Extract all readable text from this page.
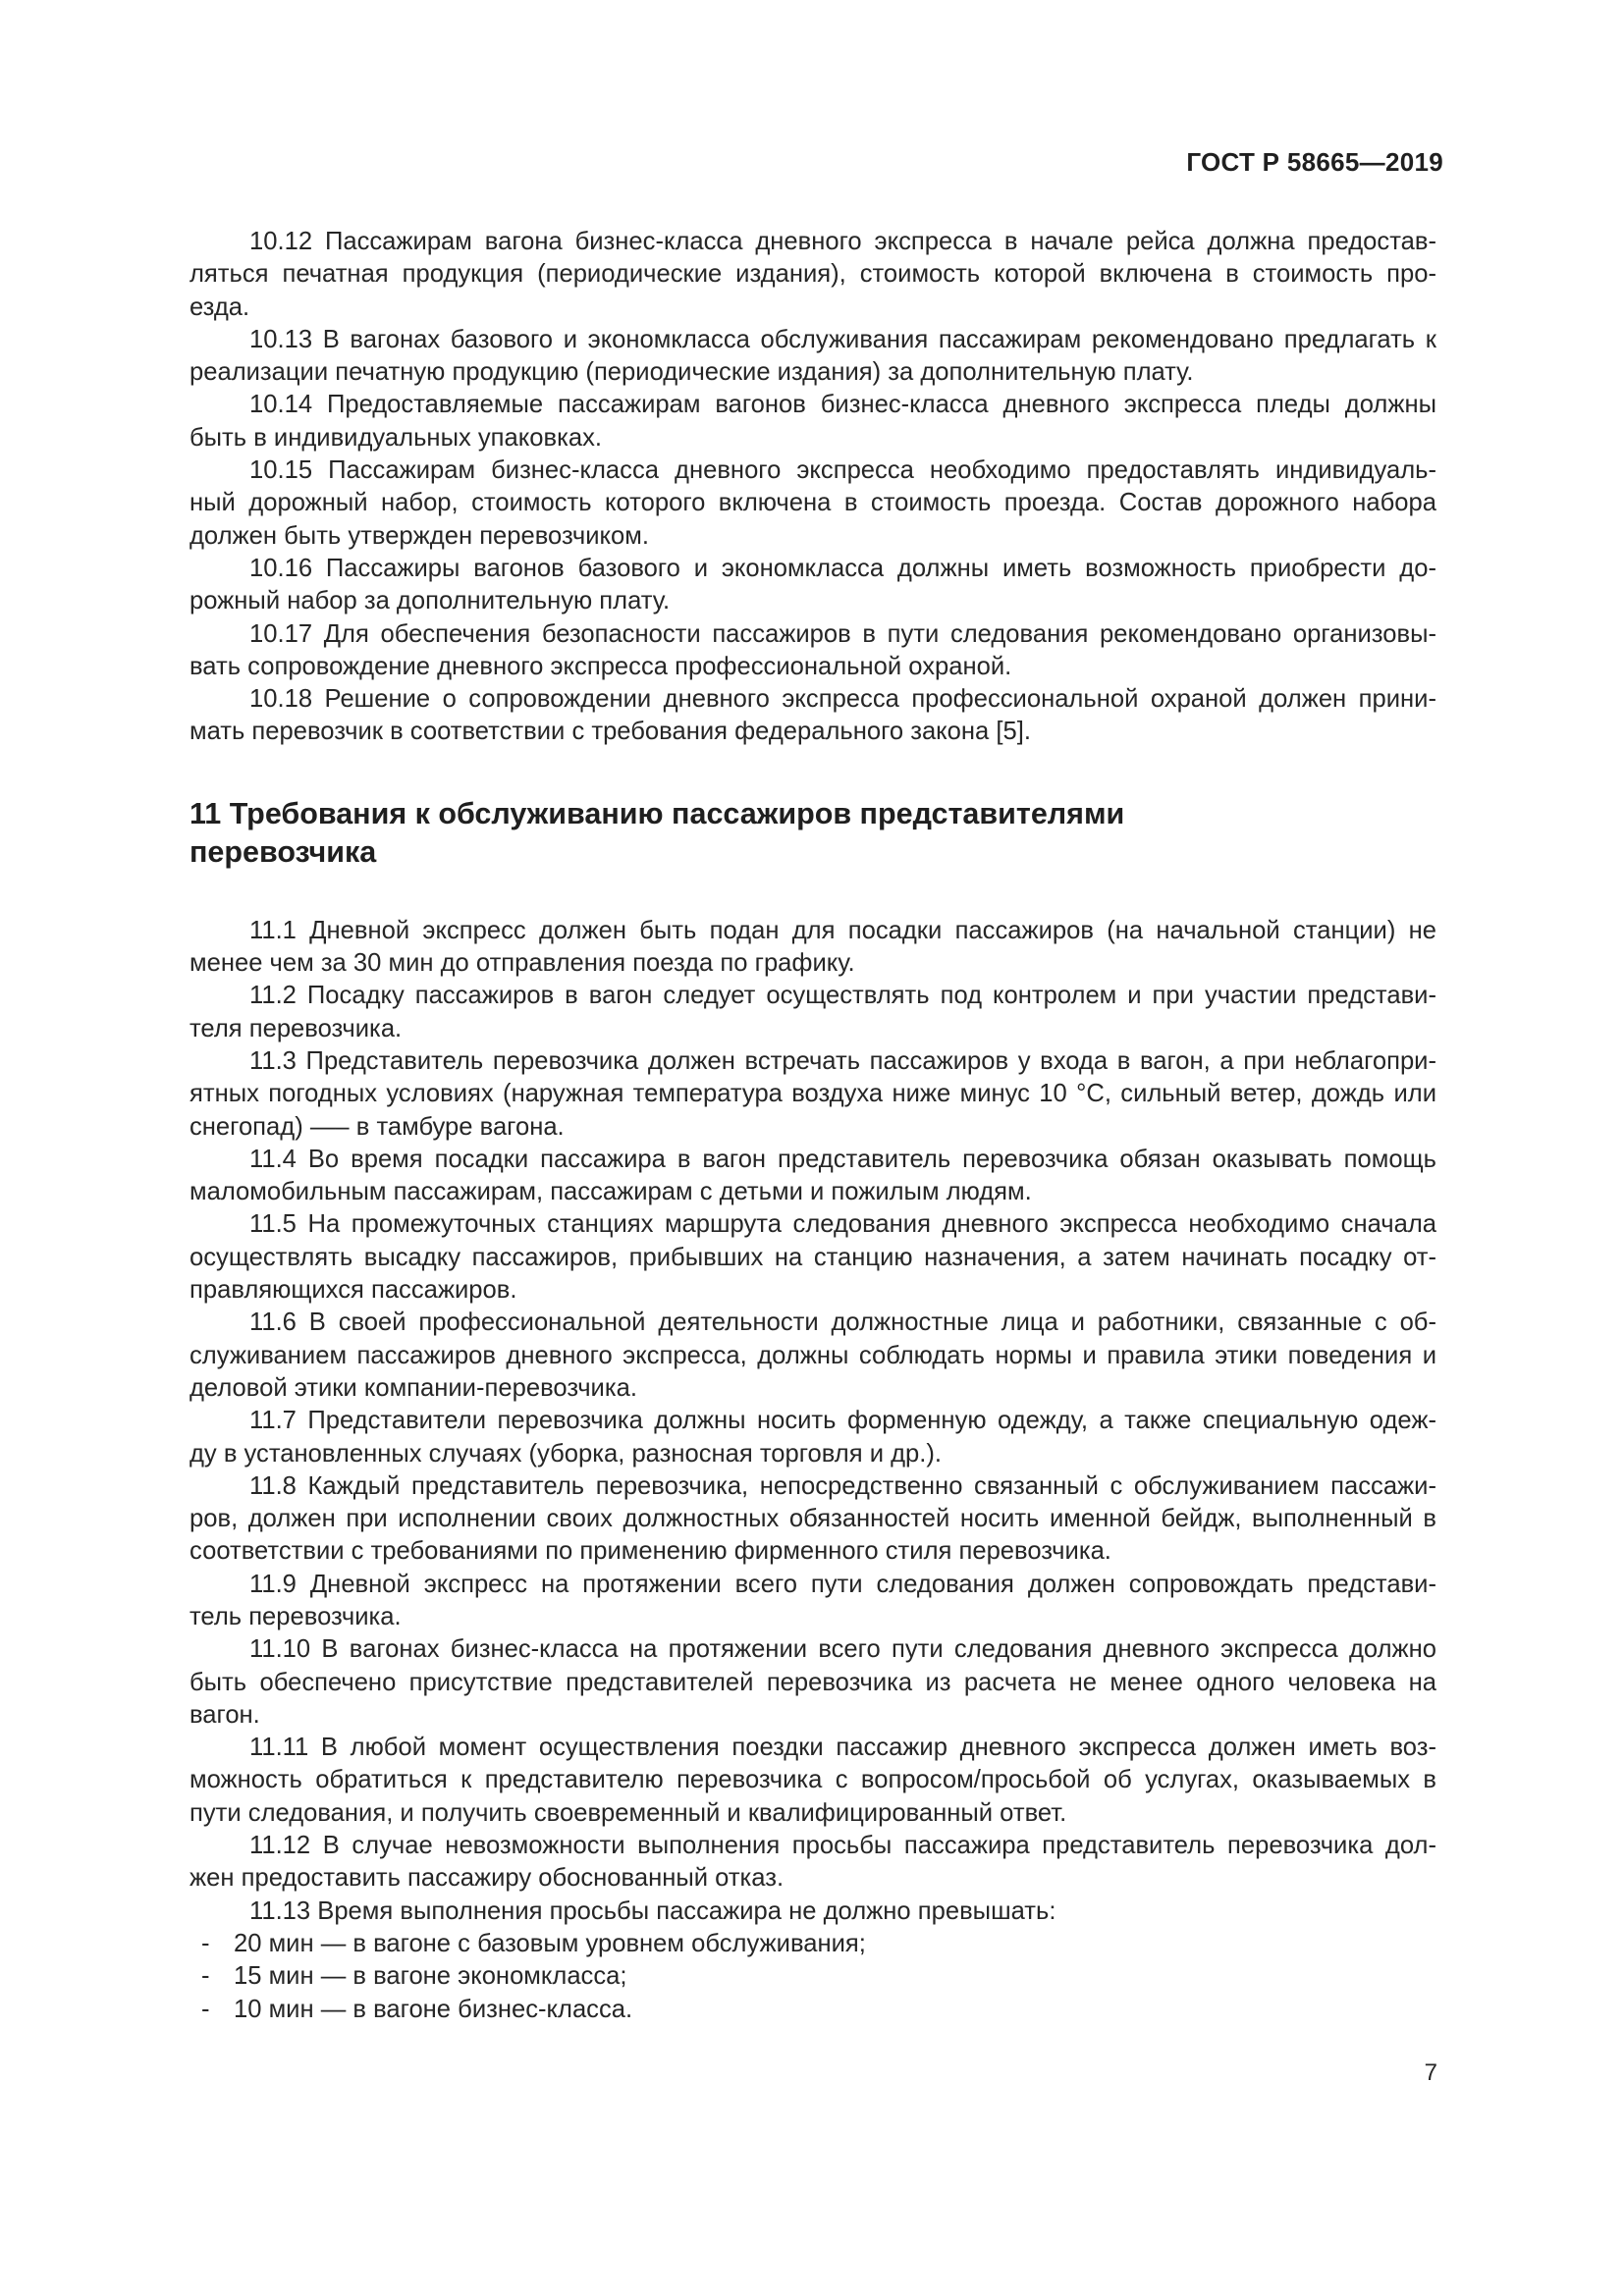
ГОСТ Р 58665—2019
10.12 Пассажирам вагона бизнес-класса дневного экспресса в начале рейса должна предостав-
ляться печатная продукция (периодические издания), стоимость которой включена в стоимость про-
езда.
10.13 В вагонах базового и экономкласса обслуживания пассажирам рекомендовано предлагать к
реализации печатную продукцию (периодические издания) за дополнительную плату.
10.14 Предоставляемые пассажирам вагонов бизнес-класса дневного экспресса пледы должны
быть в индивидуальных упаковках.
10.15 Пассажирам бизнес-класса дневного экспресса необходимо предоставлять индивидуаль-
ный дорожный набор, стоимость которого включена в стоимость проезда. Состав дорожного набора
должен быть утвержден перевозчиком.
10.16 Пассажиры вагонов базового и экономкласса должны иметь возможность приобрести до-
рожный набор за дополнительную плату.
10.17 Для обеспечения безопасности пассажиров в пути следования рекомендовано организовы-
вать сопровождение дневного экспресса профессиональной охраной.
10.18 Решение о сопровождении дневного экспресса профессиональной охраной должен прини-
мать перевозчик в соответствии с требования федерального закона [5].
11 Требования к обслуживанию пассажиров представителями
перевозчика
11.1 Дневной экспресс должен быть подан для посадки пассажиров (на начальной станции) не
менее чем за 30 мин до отправления поезда по графику.
11.2 Посадку пассажиров в вагон следует осуществлять под контролем и при участии представи-
теля перевозчика.
11.3 Представитель перевозчика должен встречать пассажиров у входа в вагон, а при неблагопри-
ятных погодных условиях (наружная температура воздуха ниже минус 10 °С, сильный ветер, дождь или
снегопад) —– в тамбуре вагона.
11.4 Во время посадки пассажира в вагон представитель перевозчика обязан оказывать помощь
маломобильным пассажирам, пассажирам с детьми и пожилым людям.
11.5 На промежуточных станциях маршрута следования дневного экспресса необходимо сначала
осуществлять высадку пассажиров, прибывших на станцию назначения, а затем начинать посадку от-
правляющихся пассажиров.
11.6 В своей профессиональной деятельности должностные лица и работники, связанные с об-
служиванием пассажиров дневного экспресса, должны соблюдать нормы и правила этики поведения и
деловой этики компании-перевозчика.
11.7 Представители перевозчика должны носить форменную одежду, а также специальную одеж-
ду в установленных случаях (уборка, разносная торговля и др.).
11.8 Каждый представитель перевозчика, непосредственно связанный с обслуживанием пассажи-
ров, должен при исполнении своих должностных обязанностей носить именной бейдж, выполненный в
соответствии с требованиями по применению фирменного стиля перевозчика.
11.9 Дневной экспресс на протяжении всего пути следования должен сопровождать представи-
тель перевозчика.
11.10 В вагонах бизнес-класса на протяжении всего пути следования дневного экспресса должно
быть обеспечено присутствие представителей перевозчика из расчета не менее одного человека на
вагон.
11.11 В любой момент осуществления поездки пассажир дневного экспресса должен иметь воз-
можность обратиться к представителю перевозчика с вопросом/просьбой об услугах, оказываемых в
пути следования, и получить своевременный и квалифицированный ответ.
11.12 В случае невозможности выполнения просьбы пассажира представитель перевозчика дол-
жен предоставить пассажиру обоснованный отказ.
11.13 Время выполнения просьбы пассажира не должно превышать:
- 20 мин — в вагоне с базовым уровнем обслуживания;
- 15 мин — в вагоне экономкласса;
- 10 мин — в вагоне бизнес-класса.
7
